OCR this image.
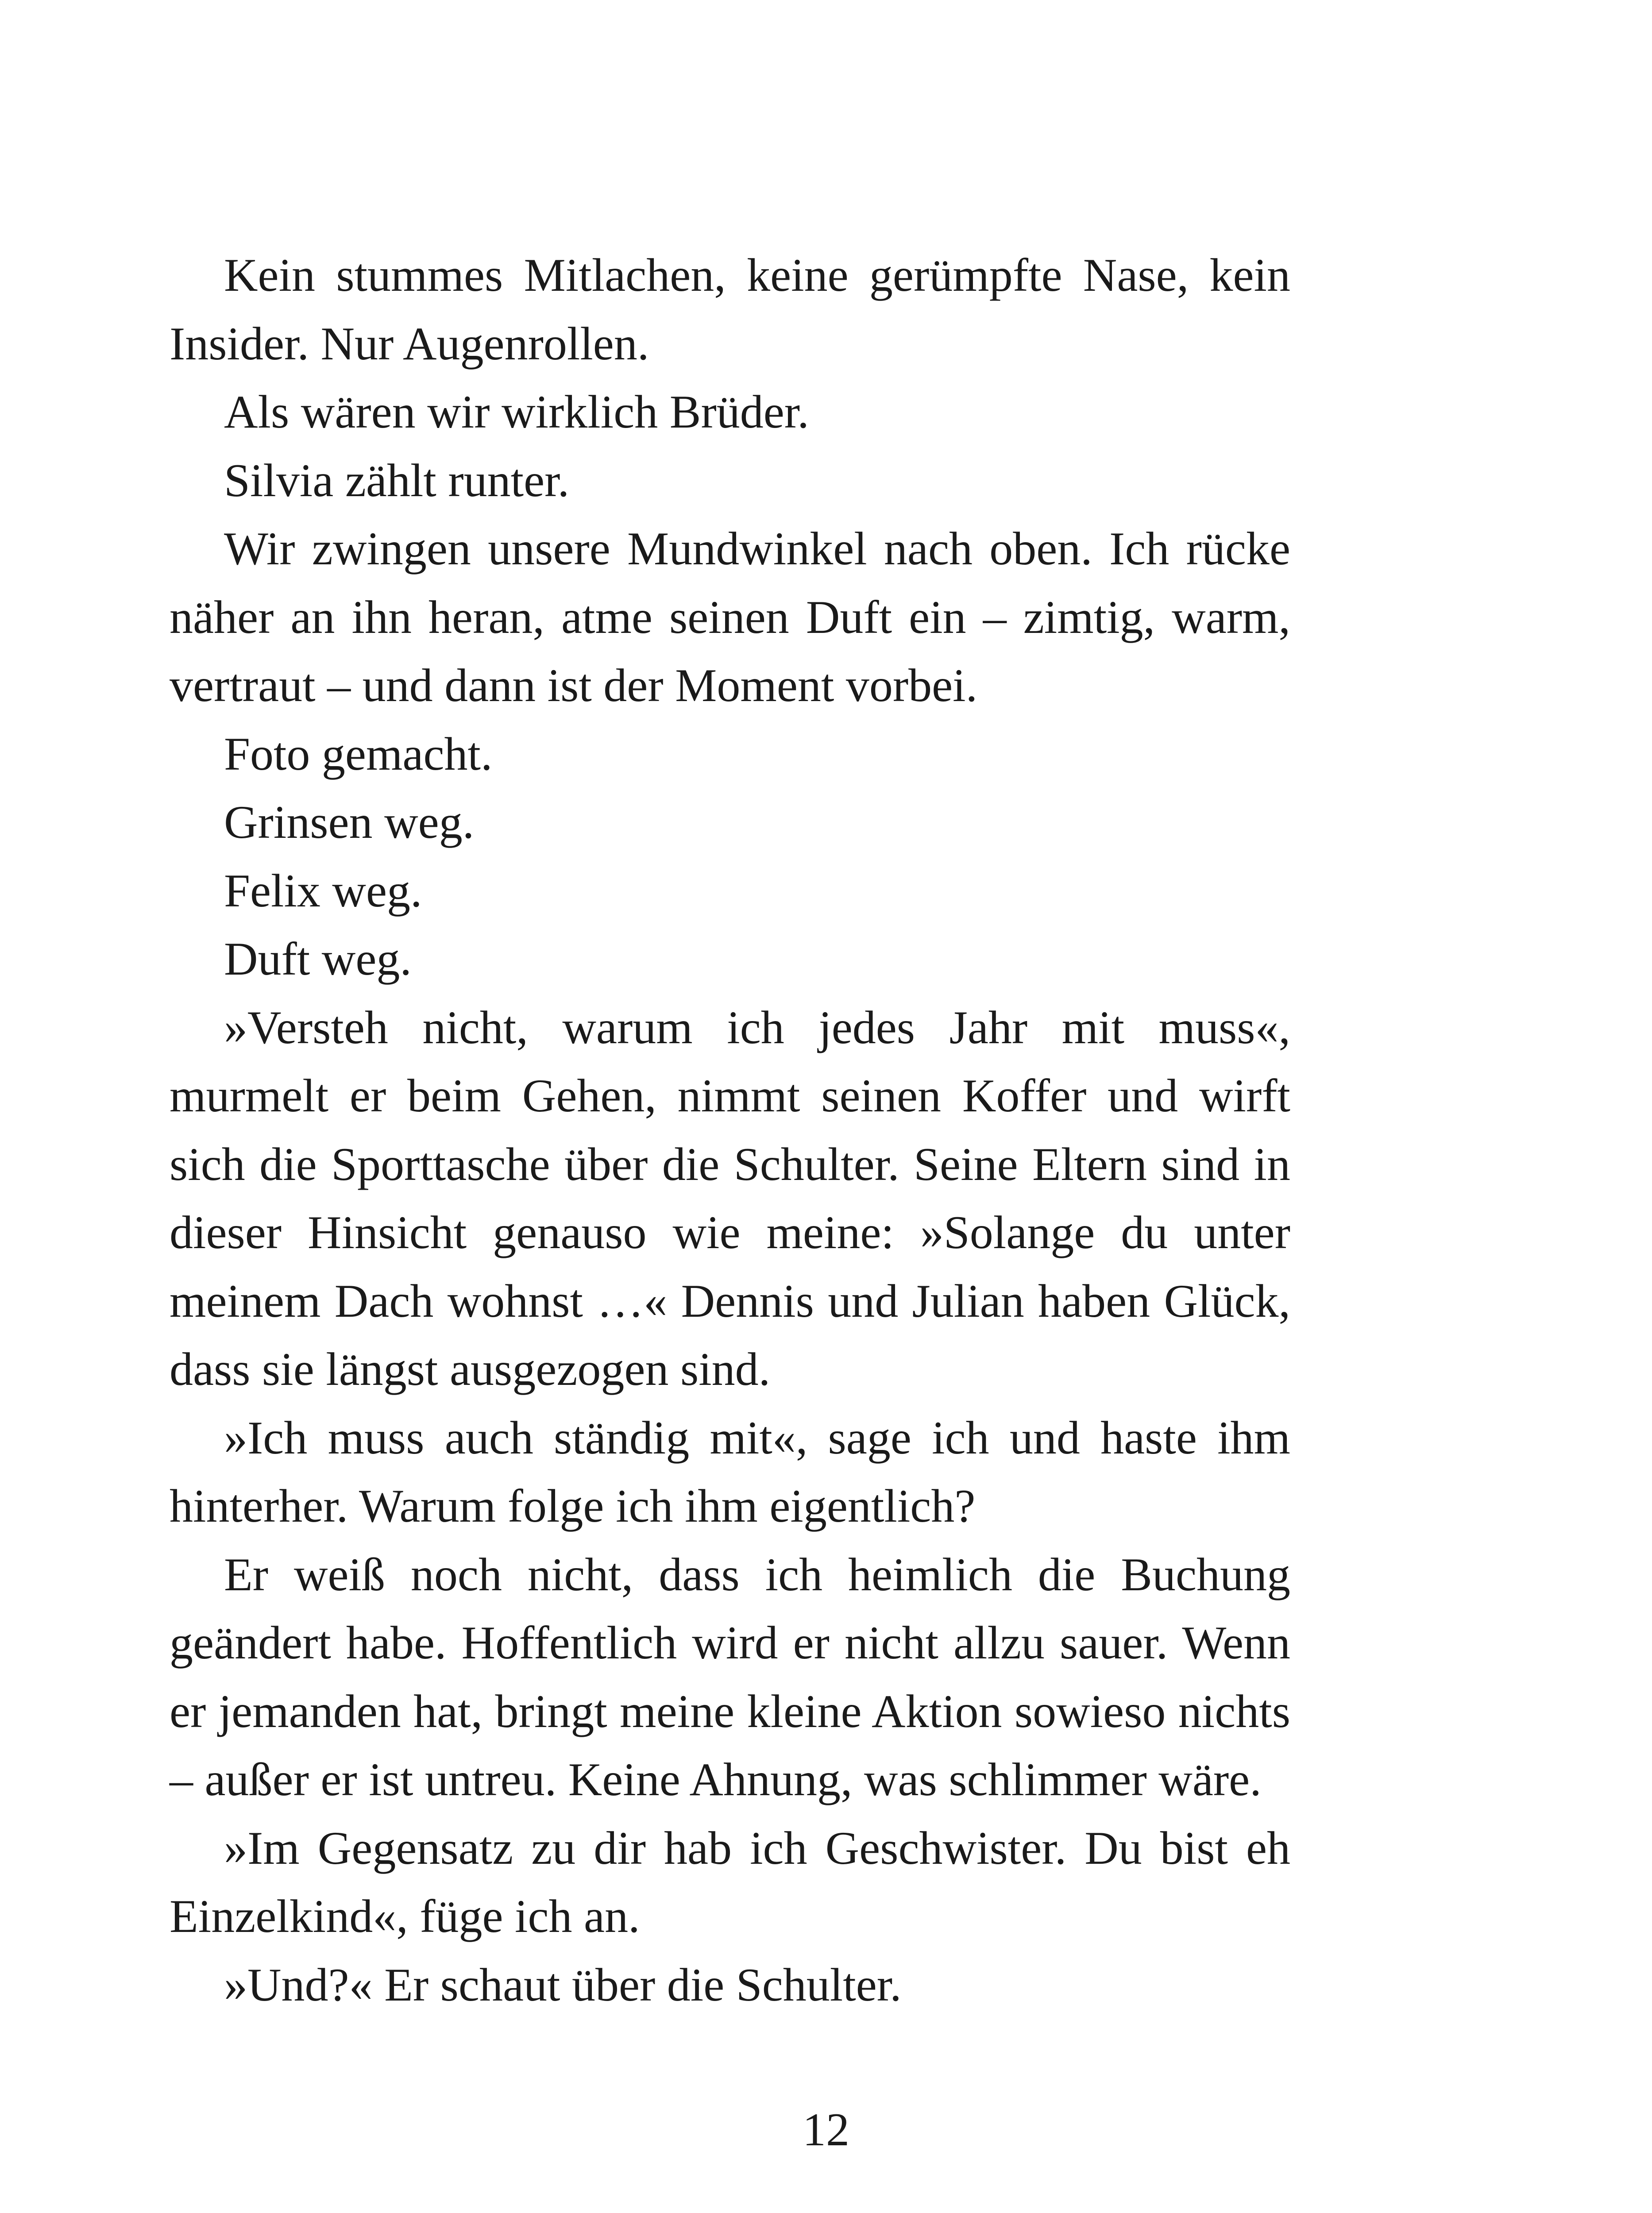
Kein stummes Mitlachen, keine gerümpfte Nase, kein Insider. Nur Augenrollen.

Als wären wir wirklich Brüder.

Silvia zählt runter.

Wir zwingen unsere Mundwinkel nach oben. Ich rücke näher an ihn heran, atme seinen Duft ein – zimtig, warm, vertraut – und dann ist der Moment vorbei.

Foto gemacht.

Grinsen weg.

Felix weg.

Duft weg.

»Versteh nicht, warum ich jedes Jahr mit muss«, murmelt er beim Gehen, nimmt seinen Koffer und wirft sich die Sporttasche über die Schulter. Seine Eltern sind in dieser Hinsicht genauso wie meine: »Solange du unter meinem Dach wohnst …« Dennis und Julian haben Glück, dass sie längst ausgezogen sind.

»Ich muss auch ständig mit«, sage ich und haste ihm hinterher. Warum folge ich ihm eigentlich?

Er weiß noch nicht, dass ich heimlich die Buchung geändert habe. Hoffentlich wird er nicht allzu sauer. Wenn er jemanden hat, bringt meine kleine Aktion sowieso nichts – außer er ist untreu. Keine Ahnung, was schlimmer wäre.

»Im Gegensatz zu dir hab ich Geschwister. Du bist eh Einzelkind«, füge ich an.

»Und?« Er schaut über die Schulter.

12
